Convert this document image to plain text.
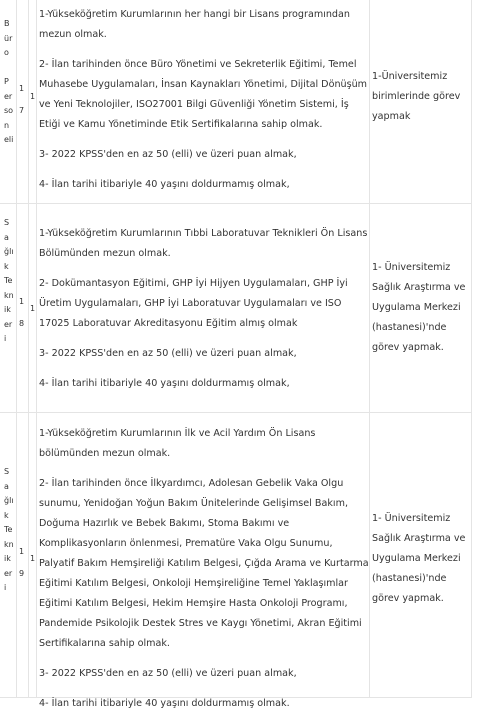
B
ür
o

P
er
so
n
eli
1

7
1

1-Yükseköğretim Kurumlarının her hangi bir Lisans programından mezun olmak.

2- İlan tarihinden önce Büro Yönetimi ve Sekreterlik Eğitimi, Temel Muhasebe Uygulamaları, İnsan Kaynakları Yönetimi, Dijital Dönüşüm ve Yeni Teknolojiler, ISO27001 Bilgi Güvenliği Yönetim Sistemi, İş Etiği ve Kamu Yönetiminde Etik Sertifikalarına sahip olmak.

3- 2022 KPSS'den en az 50 (elli) ve üzeri puan almak,

4- İlan tarihi itibariyle 40 yaşını doldurmamış olmak,

1-Üniversitemiz birimlerinde görev yapmak
S
a
ğlı
k
Te
kn
ik
er
i
1

8
1

1-Yükseköğretim Kurumlarının Tıbbi Laboratuvar Teknikleri Ön Lisans Bölümünden mezun olmak.

2- Dokümantasyon Eğitimi, GHP İyi Hijyen Uygulamaları, GHP İyi Üretim Uygulamaları, GHP İyi Laboratuvar Uygulamaları ve ISO 17025 Laboratuvar Akreditasyonu Eğitim almış olmak

3- 2022 KPSS'den en az 50 (elli) ve üzeri puan almak,

4- İlan tarihi itibariyle 40 yaşını doldurmamış olmak,

1- Üniversitemiz Sağlık Araştırma ve Uygulama Merkezi (hastanesi)'nde görev yapmak.
S
a
ğlı
k
Te
kn
ik
er
i
1

9
1

1-Yükseköğretim Kurumlarının İlk ve Acil Yardım Ön Lisans bölümünden mezun olmak.

2- İlan tarihinden önce İlkyardımcı, Adolesan Gebelik Vaka Olgu sunumu, Yenidoğan Yoğun Bakım Ünitelerinde Gelişimsel Bakım, Doğuma Hazırlık ve Bebek Bakımı, Stoma Bakımı ve Komplikasyonların önlenmesi, Prematüre Vaka Olgu Sunumu, Palyatif Bakım Hemşireliği Katılım Belgesi, Çığda Arama ve Kurtarma Eğitimi Katılım Belgesi, Onkoloji Hemşireliğine Temel Yaklaşımlar Eğitimi Katılım Belgesi, Hekim Hemşire Hasta Onkoloji Programı, Pandemide Psikolojik Destek Stres ve Kaygı Yönetimi, Akran Eğitimi Sertifikalarına sahip olmak.

3- 2022 KPSS'den en az 50 (elli) ve üzeri puan almak,

4- İlan tarihi itibariyle 40 yaşını doldurmamış olmak.

1- Üniversitemiz Sağlık Araştırma ve Uygulama Merkezi (hastanesi)'nde görev yapmak.
